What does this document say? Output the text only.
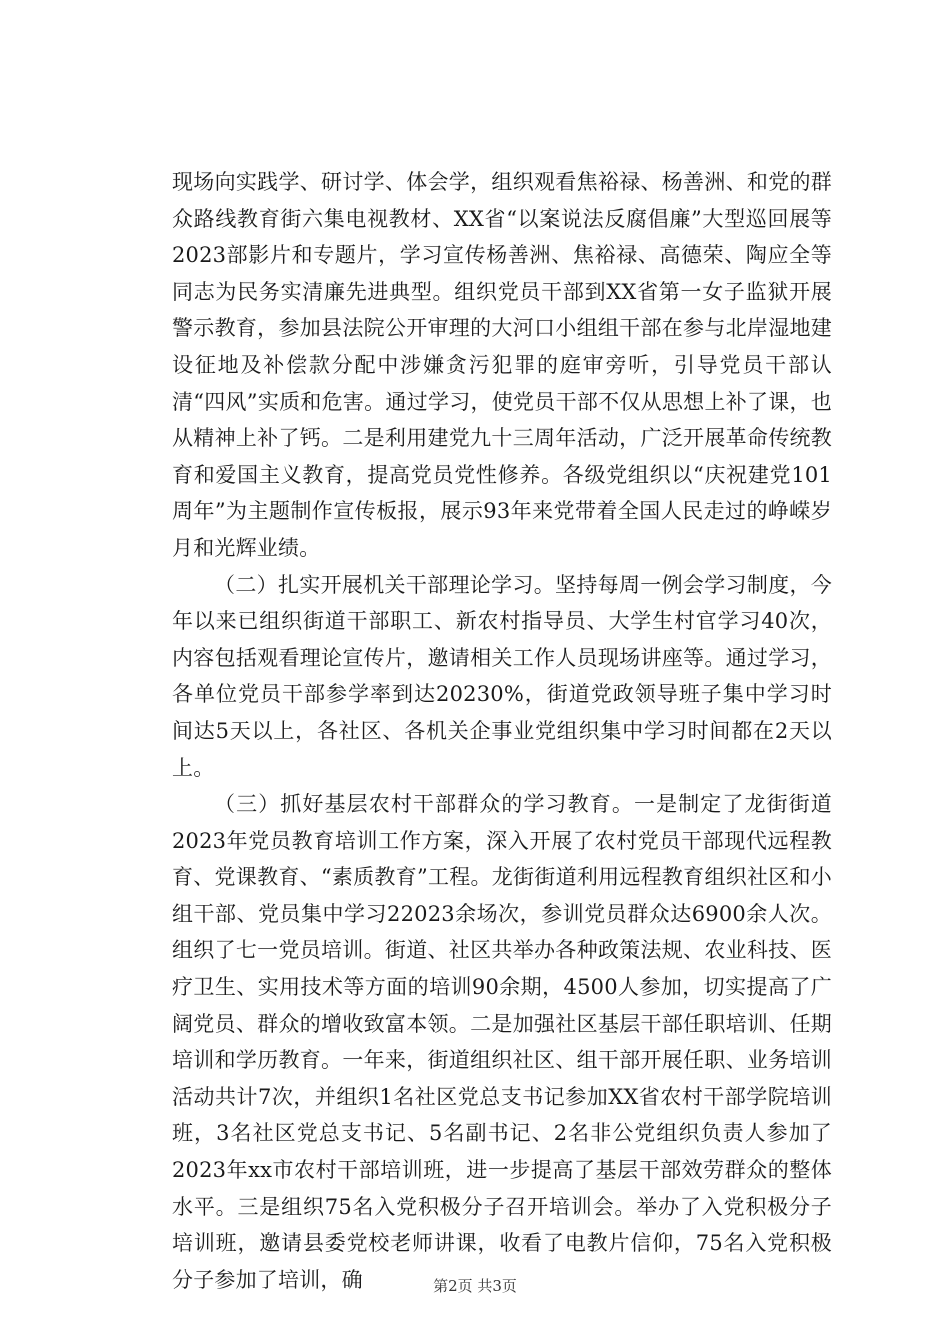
现场向实践学、研讨学、体会学，组织观看焦裕禄、杨善洲、和党的群众路线教育街六集电视教材、XX省“以案说法反腐倡廉”大型巡回展等2023部影片和专题片，学习宣传杨善洲、焦裕禄、高德荣、陶应全等同志为民务实清廉先进典型。组织党员干部到XX省第一女子监狱开展警示教育，参加县法院公开审理的大河口小组组干部在参与北岸湿地建设征地及补偿款分配中涉嫌贪污犯罪的庭审旁听，引导党员干部认清“四风”实质和危害。通过学习，使党员干部不仅从思想上补了课，也从精神上补了钙。二是利用建党九十三周年活动，广泛开展革命传统教育和爱国主义教育，提高党员党性修养。各级党组织以“庆祝建党101周年”为主题制作宣传板报，展示93年来党带着全国人民走过的峥嵘岁月和光辉业绩。

（二）扎实开展机关干部理论学习。坚持每周一例会学习制度，今年以来已组织街道干部职工、新农村指导员、大学生村官学习40次，内容包括观看理论宣传片，邀请相关工作人员现场讲座等。通过学习，各单位党员干部参学率到达20230%，街道党政领导班子集中学习时间达5天以上，各社区、各机关企事业党组织集中学习时间都在2天以上。

（三）抓好基层农村干部群众的学习教育。一是制定了龙街街道2023年党员教育培训工作方案，深入开展了农村党员干部现代远程教育、党课教育、“素质教育”工程。龙街街道利用远程教育组织社区和小组干部、党员集中学习22023余场次，参训党员群众达6900余人次。组织了七一党员培训。街道、社区共举办各种政策法规、农业科技、医疗卫生、实用技术等方面的培训90余期，4500人参加，切实提高了广阔党员、群众的增收致富本领。二是加强社区基层干部任职培训、任期培训和学历教育。一年来，街道组织社区、组干部开展任职、业务培训活动共计7次，并组织1名社区党总支书记参加XX省农村干部学院培训班，3名社区党总支书记、5名副书记、2名非公党组织负责人参加了2023年xx市农村干部培训班，进一步提高了基层干部效劳群众的整体水平。三是组织75名入党积极分子召开培训会。举办了入党积极分子培训班，邀请县委党校老师讲课，收看了电教片信仰，75名入党积极分子参加了培训，确	第2页 共3页
